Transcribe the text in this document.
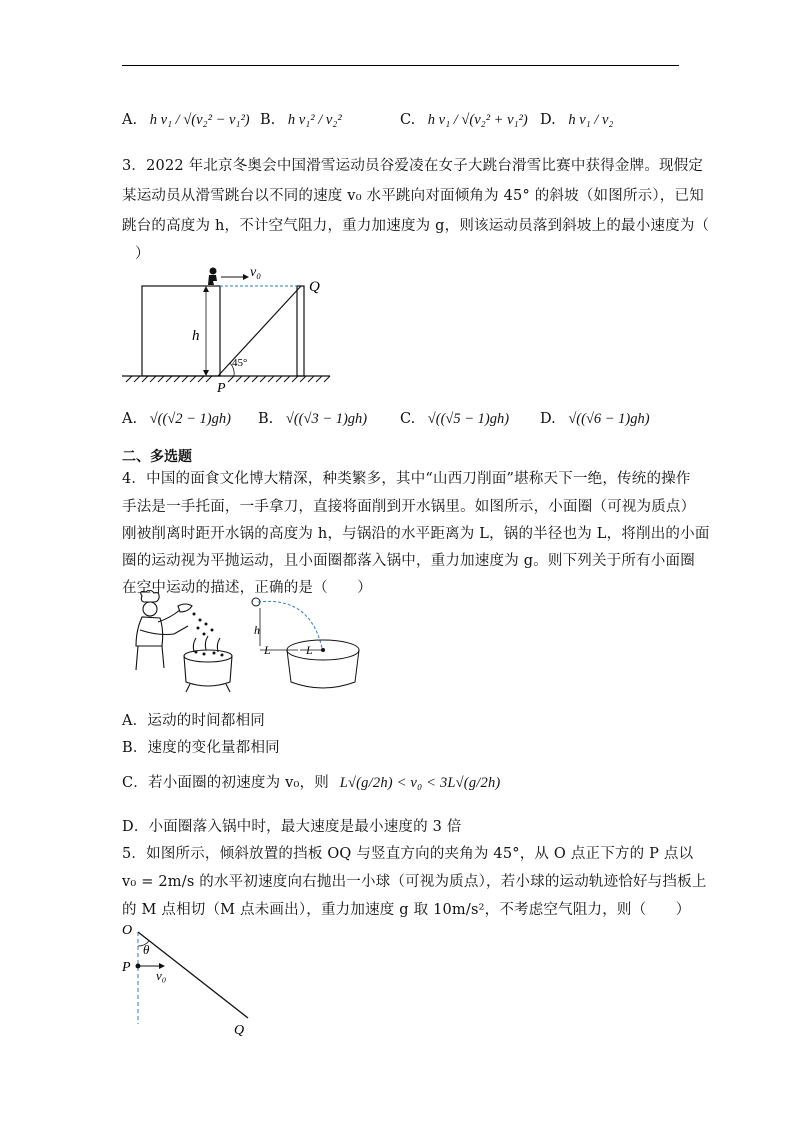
A. h v₁ / √(v₂² − v₁²) B. h v₁² / v₂²	C. h v₁ / √(v₂² + v₁²) D. h v₁ / v₂
3．2022 年北京冬奥会中国滑雪运动员谷爱凌在女子大跳台滑雪比赛中获得金牌。现假定
某运动员从滑雪跳台以不同的速度 v₀ 水平跳向对面倾角为 45° 的斜坡（如图所示），已知
跳台的高度为 h，不计空气阻力，重力加速度为 g，则该运动员落到斜坡上的最小速度为（
）
v₀
Q
h
45°
P
A. √((√2 − 1)gh) B. √((√3 − 1)gh) C. √((√5 − 1)gh) D. √((√6 − 1)gh)
二、多选题
4．中国的面食文化博大精深，种类繁多，其中“山西刀削面”堪称天下一绝，传统的操作
手法是一手托面，一手拿刀，直接将面削到开水锅里。如图所示，小面圈（可视为质点）
刚被削离时距开水锅的高度为 h，与锅沿的水平距离为 L，锅的半径也为 L，将削出的小面
圈的运动视为平抛运动，且小面圈都落入锅中，重力加速度为 g。则下列关于所有小面圈
在空中运动的描述，正确的是（　　）
h
L	L
A．运动的时间都相同
B．速度的变化量都相同
C．若小面圈的初速度为 v₀，则 L√(g/2h) < v₀ < 3L√(g/2h)
D．小面圈落入锅中时，最大速度是最小速度的 3 倍
5．如图所示，倾斜放置的挡板 OQ 与竖直方向的夹角为 45°，从 O 点正下方的 P 点以
v₀ = 2m/s 的水平初速度向右抛出一小球（可视为质点），若小球的运动轨迹恰好与挡板上
的 M 点相切（M 点未画出），重力加速度 g 取 10m/s²，不考虑空气阻力，则（　　）
O
θ
P
v₀
Q
